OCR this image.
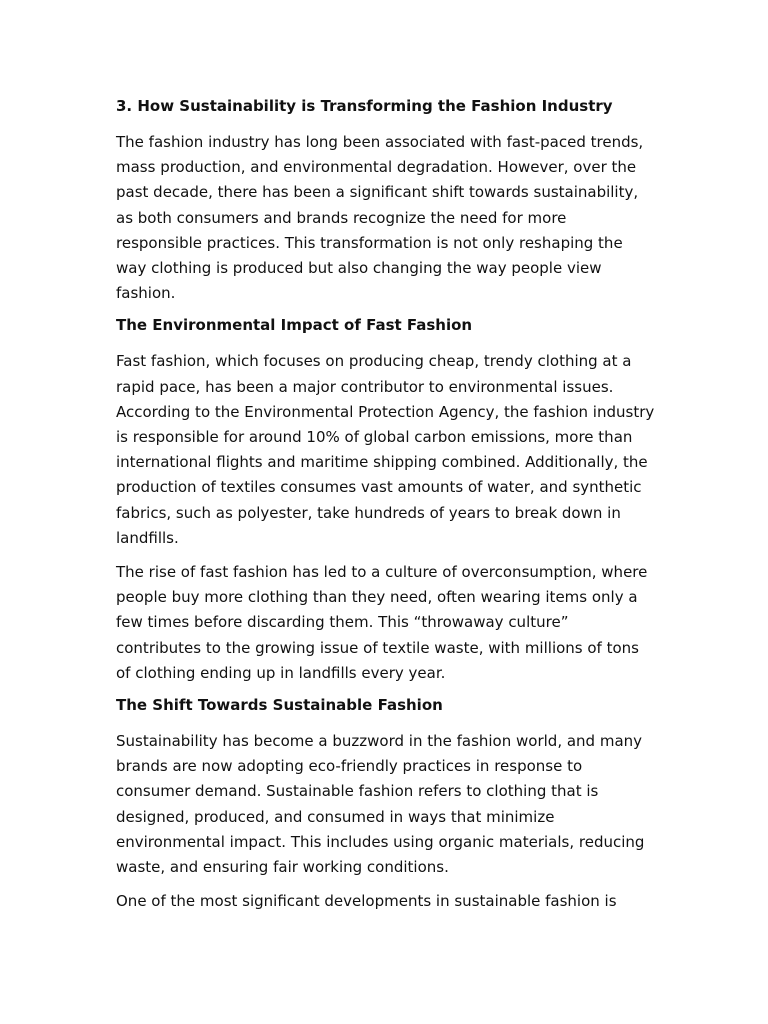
3. How Sustainability is Transforming the Fashion Industry

The fashion industry has long been associated with fast-paced trends, mass production, and environmental degradation. However, over the past decade, there has been a significant shift towards sustainability, as both consumers and brands recognize the need for more responsible practices. This transformation is not only reshaping the way clothing is produced but also changing the way people view fashion.

The Environmental Impact of Fast Fashion

Fast fashion, which focuses on producing cheap, trendy clothing at a rapid pace, has been a major contributor to environmental issues. According to the Environmental Protection Agency, the fashion industry is responsible for around 10% of global carbon emissions, more than international flights and maritime shipping combined. Additionally, the production of textiles consumes vast amounts of water, and synthetic fabrics, such as polyester, take hundreds of years to break down in landfills.

The rise of fast fashion has led to a culture of overconsumption, where people buy more clothing than they need, often wearing items only a few times before discarding them. This “throwaway culture” contributes to the growing issue of textile waste, with millions of tons of clothing ending up in landfills every year.

The Shift Towards Sustainable Fashion

Sustainability has become a buzzword in the fashion world, and many brands are now adopting eco-friendly practices in response to consumer demand. Sustainable fashion refers to clothing that is designed, produced, and consumed in ways that minimize environmental impact. This includes using organic materials, reducing waste, and ensuring fair working conditions.

One of the most significant developments in sustainable fashion is
